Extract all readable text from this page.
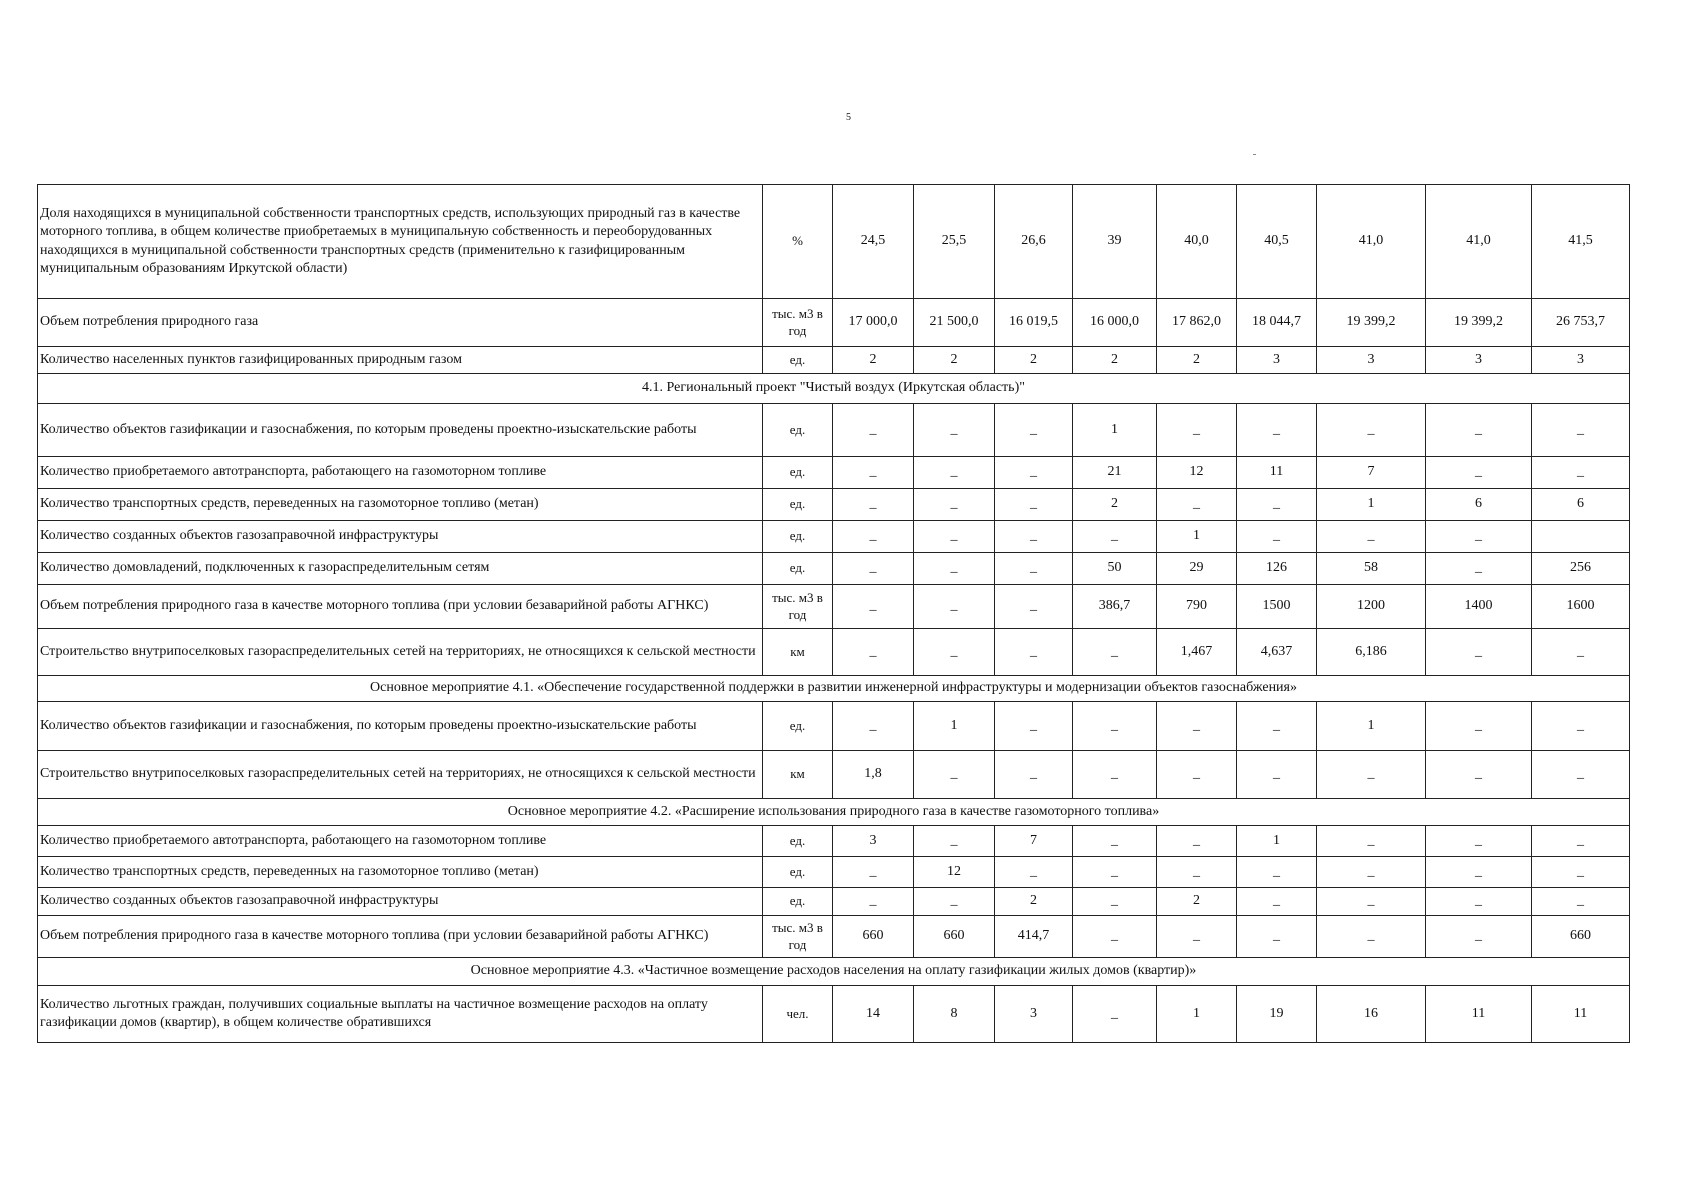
5
Доля находящихся в муниципальной собственности транспортных средств, использующих природный газ в качестве моторного топлива, в общем количестве приобретаемых в муниципальную собственность и переоборудованных находящихся в муниципальной собственности транспортных средств (применительно к газифицированным муниципальным образованиям Иркутской области)	%	24,5	25,5	26,6	39	40,0	40,5	41,0	41,0	41,5
Объем потребления природного газа	тыс. м3 в год	17 000,0	21 500,0	16 019,5	16 000,0	17 862,0	18 044,7	19 399,2	19 399,2	26 753,7
Количество населенных пунктов газифицированных природным газом	ед.	2	2	2	2	2	3	3	3	3
4.1. Региональный проект "Чистый воздух (Иркутская область)"										
Количество объектов газификации и газоснабжения, по которым проведены проектно-изыскательские работы	ед.	_	_	_	1	_	_	_	_	_
Количество приобретаемого автотранспорта, работающего на газомоторном топливе	ед.	_	_	_	21	12	11	7	_	_
Количество транспортных средств, переведенных на газомоторное топливо (метан)	ед.	_	_	_	2	_	_	1	6	6
Количество созданных объектов газозаправочной инфраструктуры	ед.	_	_	_	_	1	_	_	_	
Количество домовладений, подключенных к газораспределительным сетям	ед.	_	_	_	50	29	126	58	_	256
Объем потребления природного газа в качестве моторного топлива (при условии безаварийной работы АГНКС)	тыс. м3 в год	_	_	_	386,7	790	1500	1200	1400	1600
Строительство внутрипоселковых газораспределительных сетей на территориях, не относящихся к сельской местности	км	_	_	_	_	1,467	4,637	6,186	_	_
Основное мероприятие 4.1. «Обеспечение государственной поддержки в развитии инженерной инфраструктуры и модернизации объектов газоснабжения»										
Количество объектов газификации и газоснабжения, по которым проведены проектно-изыскательские работы	ед.	_	1	_	_	_	_	1	_	_
Строительство внутрипоселковых газораспределительных сетей на территориях, не относящихся к сельской местности	км	1,8	_	_	_	_	_	_	_	_
Основное мероприятие 4.2. «Расширение использования природного газа в качестве газомоторного топлива»										
Количество приобретаемого автотранспорта, работающего на газомоторном топливе	ед.	3	_	7	_	_	1	_	_	_
Количество транспортных средств, переведенных на газомоторное топливо (метан)	ед.	_	12	_	_	_	_	_	_	_
Количество созданных объектов газозаправочной инфраструктуры	ед.	_	_	2	_	2	_	_	_	_
Объем потребления природного газа в качестве моторного топлива (при условии безаварийной работы АГНКС)	тыс. м3 в год	660	660	414,7	_	_	_	_	_	660
Основное мероприятие 4.3. «Частичное возмещение расходов населения на оплату газификации жилых домов (квартир)»										
Количество льготных граждан, получивших социальные выплаты на частичное возмещение расходов на оплату газификации домов (квартир), в общем количестве обратившихся	чел.	14	8	3	_	1	19	16	11	11
